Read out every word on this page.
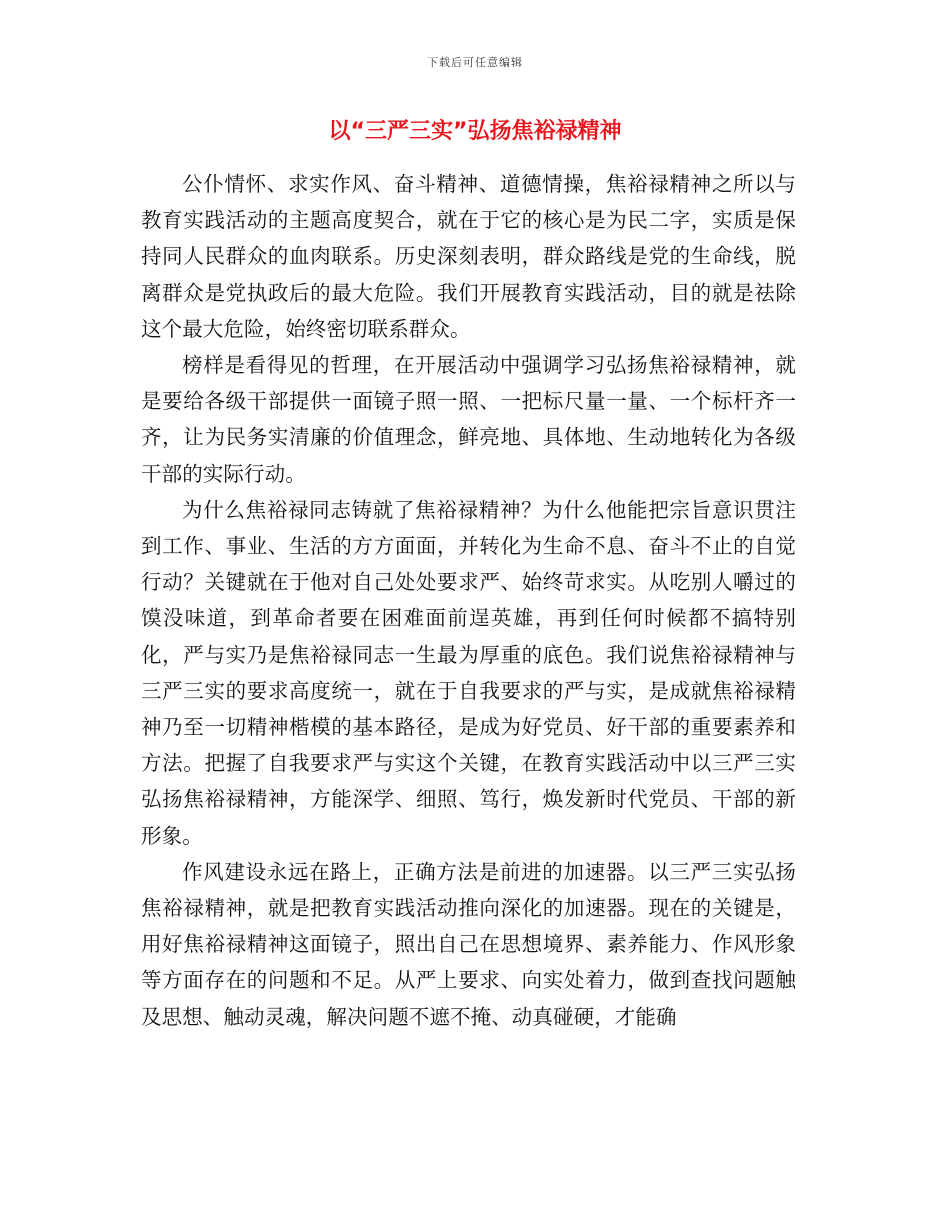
下载后可任意编辑
以“三严三实”弘扬焦裕禄精神

公仆情怀、求实作风、奋斗精神、道德情操，焦裕禄精神之所以与教育实践活动的主题高度契合，就在于它的核心是为民二字，实质是保持同人民群众的血肉联系。历史深刻表明，群众路线是党的生命线，脱离群众是党执政后的最大危险。我们开展教育实践活动，目的就是祛除这个最大危险，始终密切联系群众。

榜样是看得见的哲理，在开展活动中强调学习弘扬焦裕禄精神，就是要给各级干部提供一面镜子照一照、一把标尺量一量、一个标杆齐一齐，让为民务实清廉的价值理念，鲜亮地、具体地、生动地转化为各级干部的实际行动。

为什么焦裕禄同志铸就了焦裕禄精神？为什么他能把宗旨意识贯注到工作、事业、生活的方方面面，并转化为生命不息、奋斗不止的自觉行动？关键就在于他对自己处处要求严、始终苛求实。从吃别人嚼过的馍没味道，到革命者要在困难面前逞英雄，再到任何时候都不搞特别化，严与实乃是焦裕禄同志一生最为厚重的底色。我们说焦裕禄精神与三严三实的要求高度统一，就在于自我要求的严与实，是成就焦裕禄精神乃至一切精神楷模的基本路径，是成为好党员、好干部的重要素养和方法。把握了自我要求严与实这个关键，在教育实践活动中以三严三实弘扬焦裕禄精神，方能深学、细照、笃行，焕发新时代党员、干部的新形象。

作风建设永远在路上，正确方法是前进的加速器。以三严三实弘扬焦裕禄精神，就是把教育实践活动推向深化的加速器。现在的关键是，用好焦裕禄精神这面镜子，照出自己在思想境界、素养能力、作风形象等方面存在的问题和不足。从严上要求、向实处着力，做到查找问题触及思想、触动灵魂，解决问题不遮不掩、动真碰硬，才能确
